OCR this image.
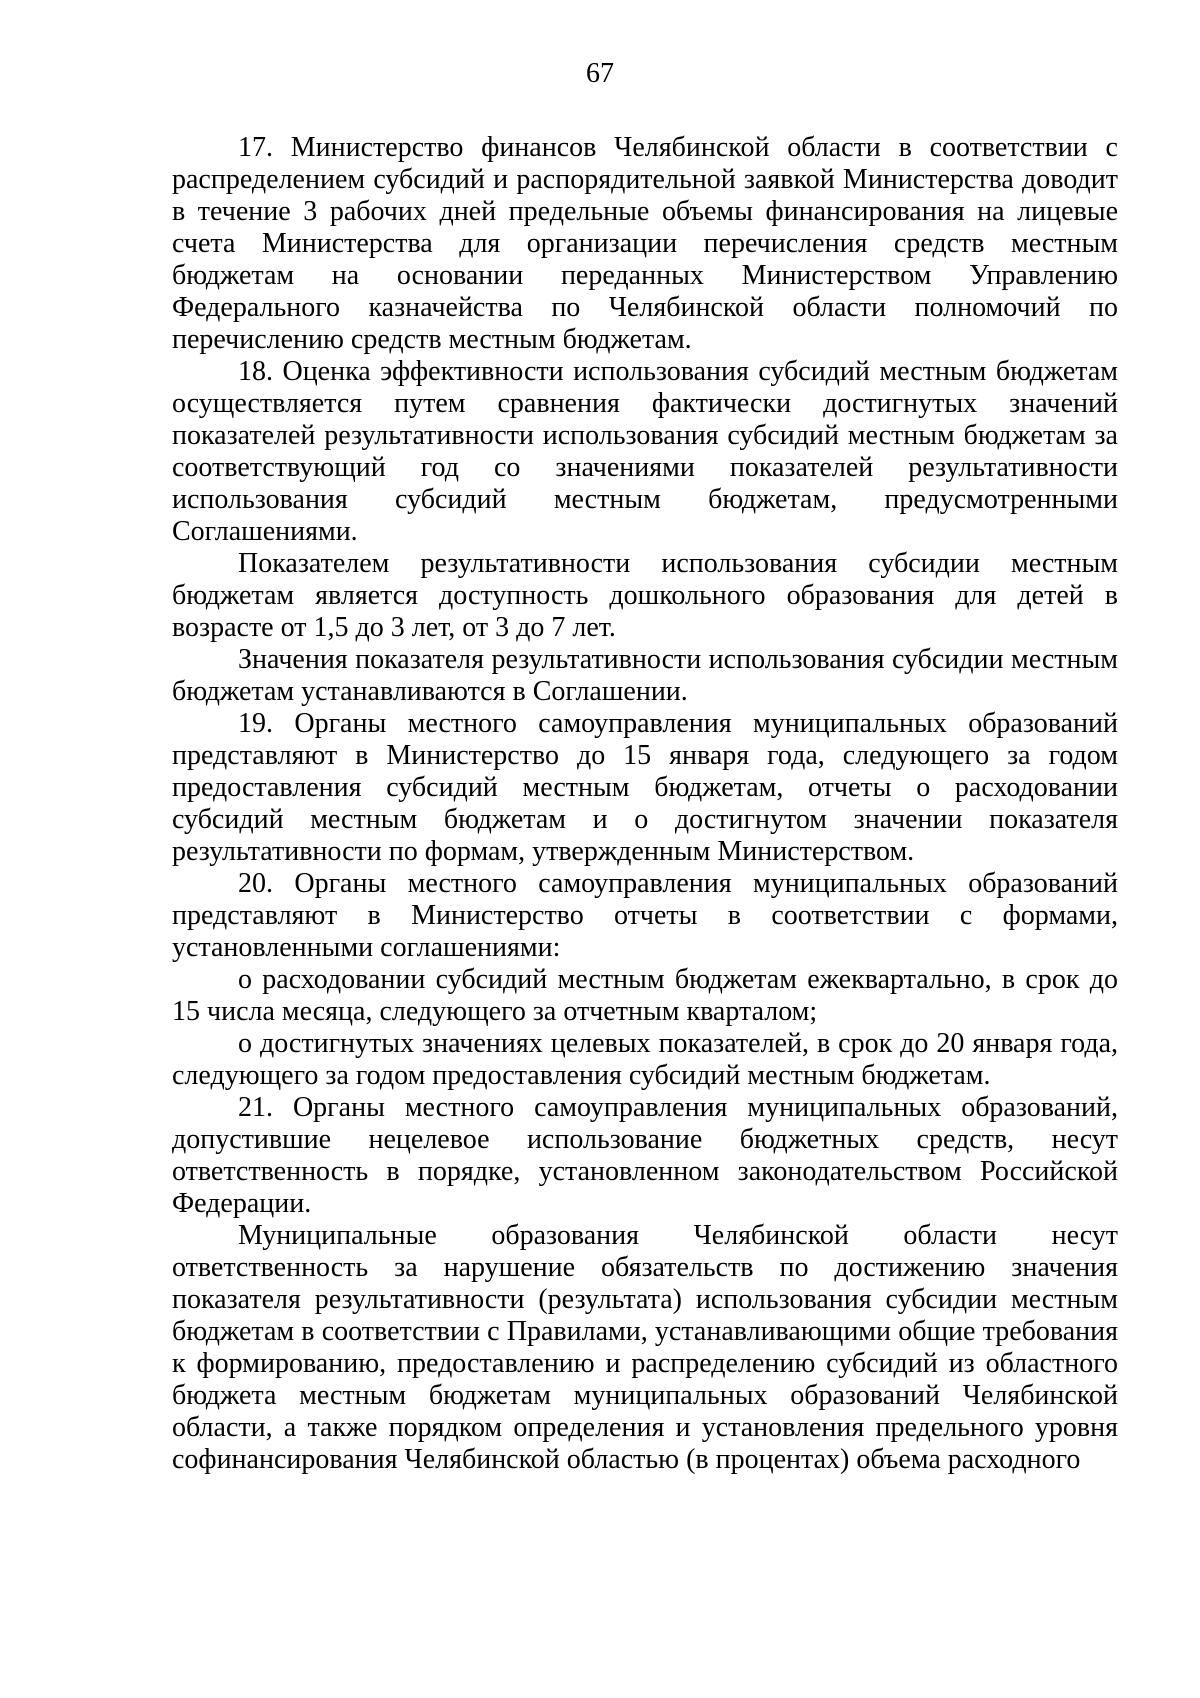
67

17. Министерство финансов Челябинской области в соответствии с распределением субсидий и распорядительной заявкой Министерства доводит в течение 3 рабочих дней предельные объемы финансирования на лицевые счета Министерства для организации перечисления средств местным бюджетам на основании переданных Министерством Управлению Федерального казначейства по Челябинской области полномочий по перечислению средств местным бюджетам.

18. Оценка эффективности использования субсидий местным бюджетам осуществляется путем сравнения фактически достигнутых значений показателей результативности использования субсидий местным бюджетам за соответствующий год со значениями показателей результативности использования субсидий местным бюджетам, предусмотренными Соглашениями.

Показателем результативности использования субсидии местным бюджетам является доступность дошкольного образования для детей в возрасте от 1,5 до 3 лет, от 3 до 7 лет.

Значения показателя результативности использования субсидии местным бюджетам устанавливаются в Соглашении.

19. Органы местного самоуправления муниципальных образований представляют в Министерство до 15 января года, следующего за годом предоставления субсидий местным бюджетам, отчеты о расходовании субсидий местным бюджетам и о достигнутом значении показателя результативности по формам, утвержденным Министерством.

20. Органы местного самоуправления муниципальных образований представляют в Министерство отчеты в соответствии с формами, установленными соглашениями:

о расходовании субсидий местным бюджетам ежеквартально, в срок до 15 числа месяца, следующего за отчетным кварталом;

о достигнутых значениях целевых показателей, в срок до 20 января года, следующего за годом предоставления субсидий местным бюджетам.

21. Органы местного самоуправления муниципальных образований, допустившие нецелевое использование бюджетных средств, несут ответственность в порядке, установленном законодательством Российской Федерации.

Муниципальные образования Челябинской области несут ответственность за нарушение обязательств по достижению значения показателя результативности (результата) использования субсидии местным бюджетам в соответствии с Правилами, устанавливающими общие требования к формированию, предоставлению и распределению субсидий из областного бюджета местным бюджетам муниципальных образований Челябинской области, а также порядком определения и установления предельного уровня софинансирования Челябинской областью (в процентах) объема расходного
